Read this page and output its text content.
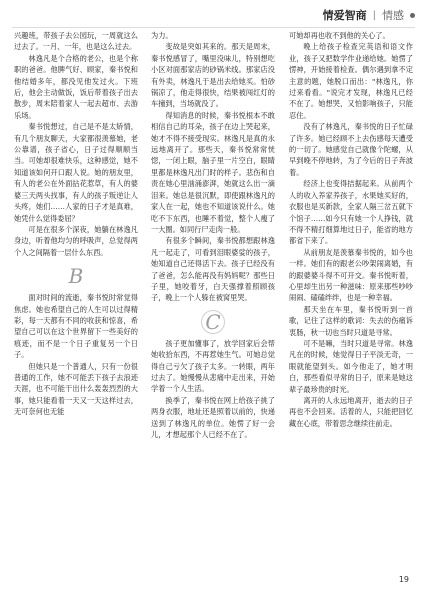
情爱智商 | 情感

兴趣班，带孩子去公园玩，一周就这么过去了。一月、一年，也是这么过去。

林逸凡是个合格的老公，也是个称职的爸爸。他脾气好、顾家，秦书悦和他结婚多年，都没见他发过火。下班后，他会主动做饭，饭后带着孩子出去散步，周末陪着家人一起去超市、去游乐场。

秦书悦想过，自己是不是太矫情，有几个朋友聊天，大家都很羡慕她，老公靠谱，孩子省心，日子过得顺顺当当。可她却很难快乐，这种感觉，她不知道该如何开口跟人说。她的朋友里，有人的老公在外面拈花惹草，有人的婆婆三天两头找事，有人的孩子叛逆让人头疼，她们……人家的日子才是真难，她凭什么觉得委屈？

可是在很多个深夜，她躺在林逸凡身边，听着他均匀的呼吸声，总觉得两个人之间隔着一层什么东西。

B

面对时间的流逝，秦书悦时常觉得焦虑。她也希望自己的人生可以过得精彩，每一天都有不同的收获和惊喜，希望自己可以在这个世界留下一些美好的痕迹，而不是一个日子重复另一个日子。

但她只是一个普通人，只有一份很普通的工作，她不可能丢下孩子去浪迹天涯，也不可能干出什么轰轰烈烈的大事，她只能看着一天又一天这样过去，无可奈何也无能

为力。

变故是突如其来的。那天是周末，秦书悦感冒了，嘴里没味儿，特别想吃小区对面那家店的砂锅米线。那家店没有外卖，林逸凡于是出去给她买。怕砂锅凉了，他走得很快，结果被闯红灯的车撞到，当场就没了。

得知消息的时候，秦书悦根本不敢相信自己的耳朵，孩子在边上哭起来，她才不得不接受现实。林逸凡是真的永远地离开了。那些天，秦书悦常常恍惚，一闭上眼，脑子里一片空白，眼睛里都是林逸凡出门时的样子。悲伤和自责在她心里汹涌澎湃，她就这么出一滴泪来。她总是很沉默，即使跟林逸凡的家人在一起，她也不知道该说什么。她吃不下东西，也睡不着觉，整个人瘦了一大圈。如同行尸走肉一般。

有很多个瞬间，秦书悦都想跟林逸凡一起走了，可看到泪眼婆娑的孩子，她知道自己还得活下去。孩子已经没有了爸爸，怎么能再没有妈妈呢？那些日子里，她咬着牙，白天强撑着照顾孩子，晚上一个人躲在被窝里哭。

C

孩子更加懂事了，放学回家后会帮她收拾东西，不再惹她生气。可她总觉得自己亏欠了孩子太多。一转眼，两年过去了。她慢慢从悲痛中走出来，开始学着一个人生活。

换季了，秦书悦在网上给孩子挑了两身衣服，地址还是照着以前的，快递送到了林逸凡的单位。她愣了好一会儿，才想起那个人已经不在了。

可她却再也收不到他的关心了。

晚上给孩子检查完英语和语文作业，孩子又把数学作业递给她。她愣了愣神，开始接着检查。偶尔遇到拿不定主意的题，她脱口而出："林逸凡，你过来看看。"说完才发现，林逸凡已经不在了。她想哭，又怕影响孩子，只能忍住。

没有了林逸凡，秦书悦的日子忙碌了许多。她已经顾不上去伤感每天遭受的一切了。她感觉自己就像个陀螺，从早到晚不停地转，为了今后的日子奔波着。

经济上也变得拮据起来。从前两个人的收入养家养孩子，水果她买好的，衣服也是买新款，全家人隔三岔五就下个馆子……如今只有她一个人挣钱，就不得不精打细算地过日子，能省的地方都省下来了。

从前朋友是羡慕秦书悦的，如今也一样。她们有的跟老公吵架闹离婚，有的跟婆婆斗得不可开交。秦书悦听着，心里却生出另一种滋味：原来那些吵吵闹闹、磕磕绊绊，也是一种幸福。

那天坐在车里，秦书悦听到一首歌，记住了这样的歌词：失去的伤痛诉衷肠，秋一切也当时只道是寻常。

可不是嘛，当时只道是寻常。林逸凡在的时候，她觉得日子平淡无奇，一眼就能望到头。如今他走了，她才明白，那些看似寻常的日子，原来是她这辈子最珍贵的时光。

离开的人永远地离开，逝去的日子再也不会回来。活着的人，只能把回忆藏在心底，带着思念继续往前走。

19
